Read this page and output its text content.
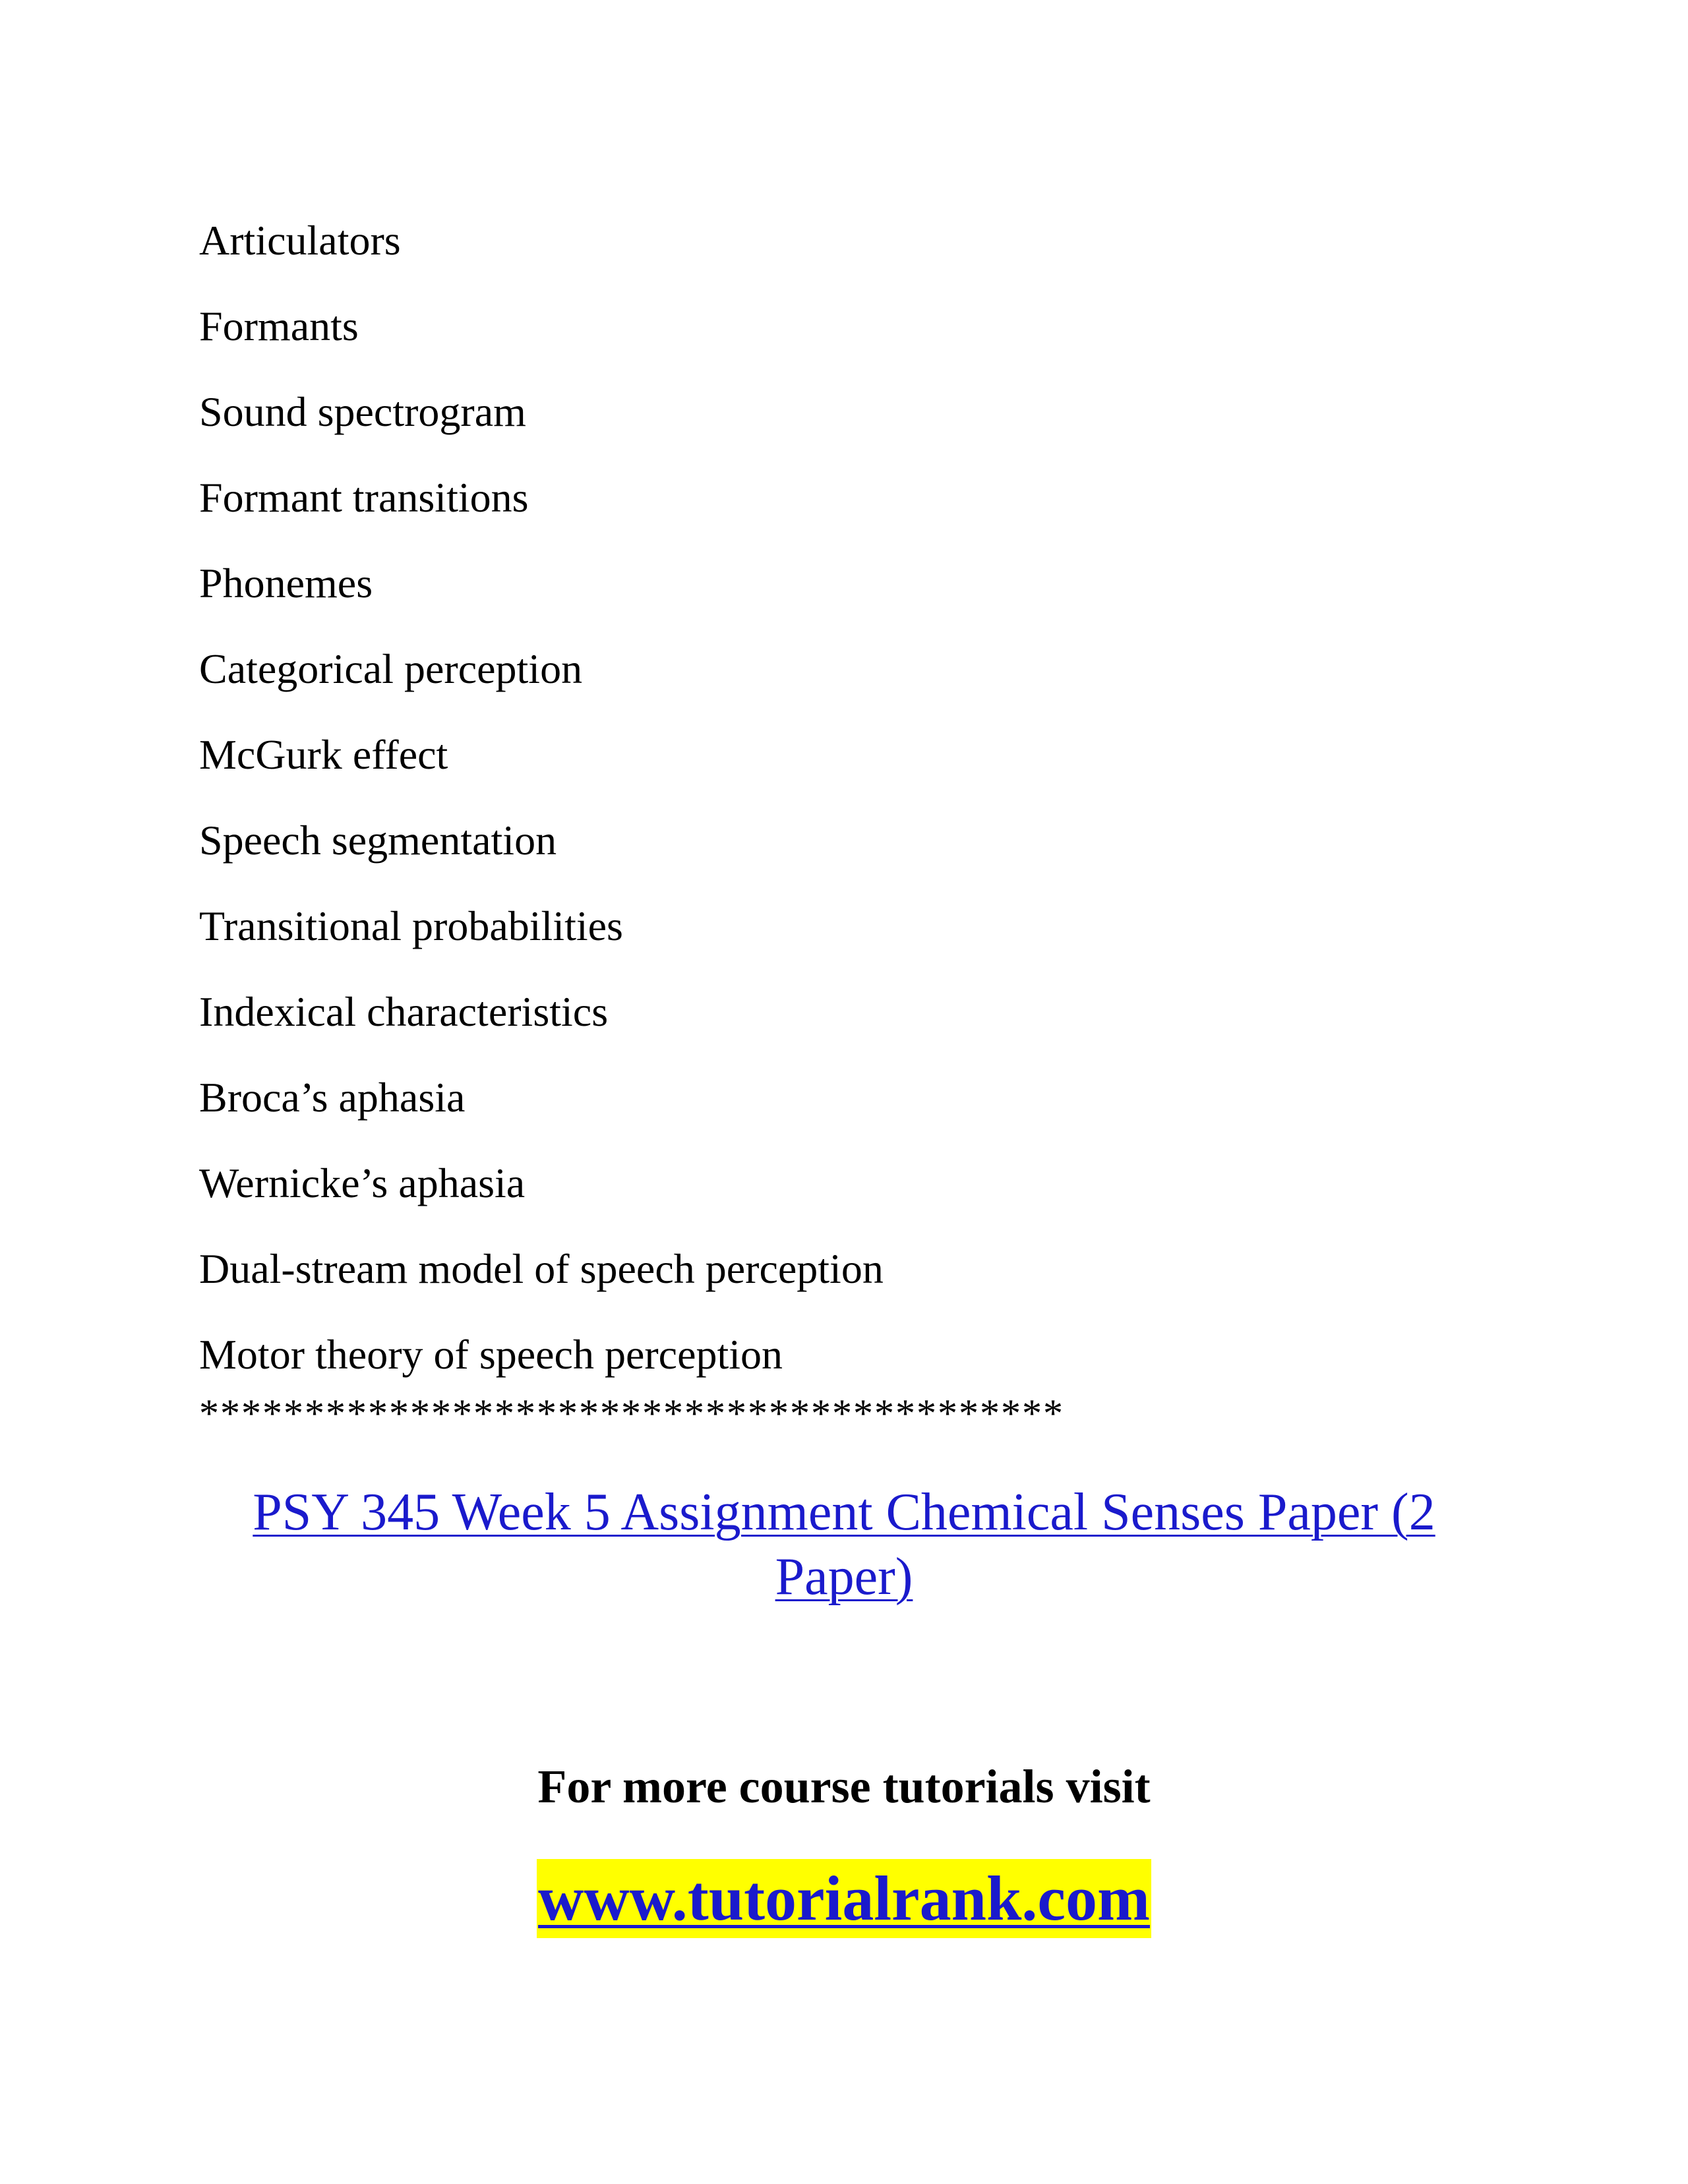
Articulators
Formants
Sound spectrogram
Formant transitions
Phonemes
Categorical perception
McGurk effect
Speech segmentation
Transitional probabilities
Indexical characteristics
Broca’s aphasia
Wernicke’s aphasia
Dual-stream model of speech perception
Motor theory of speech perception
*****************************************
PSY 345 Week 5 Assignment Chemical Senses Paper (2 Paper)
For more course tutorials visit
www.tutorialrank.com
